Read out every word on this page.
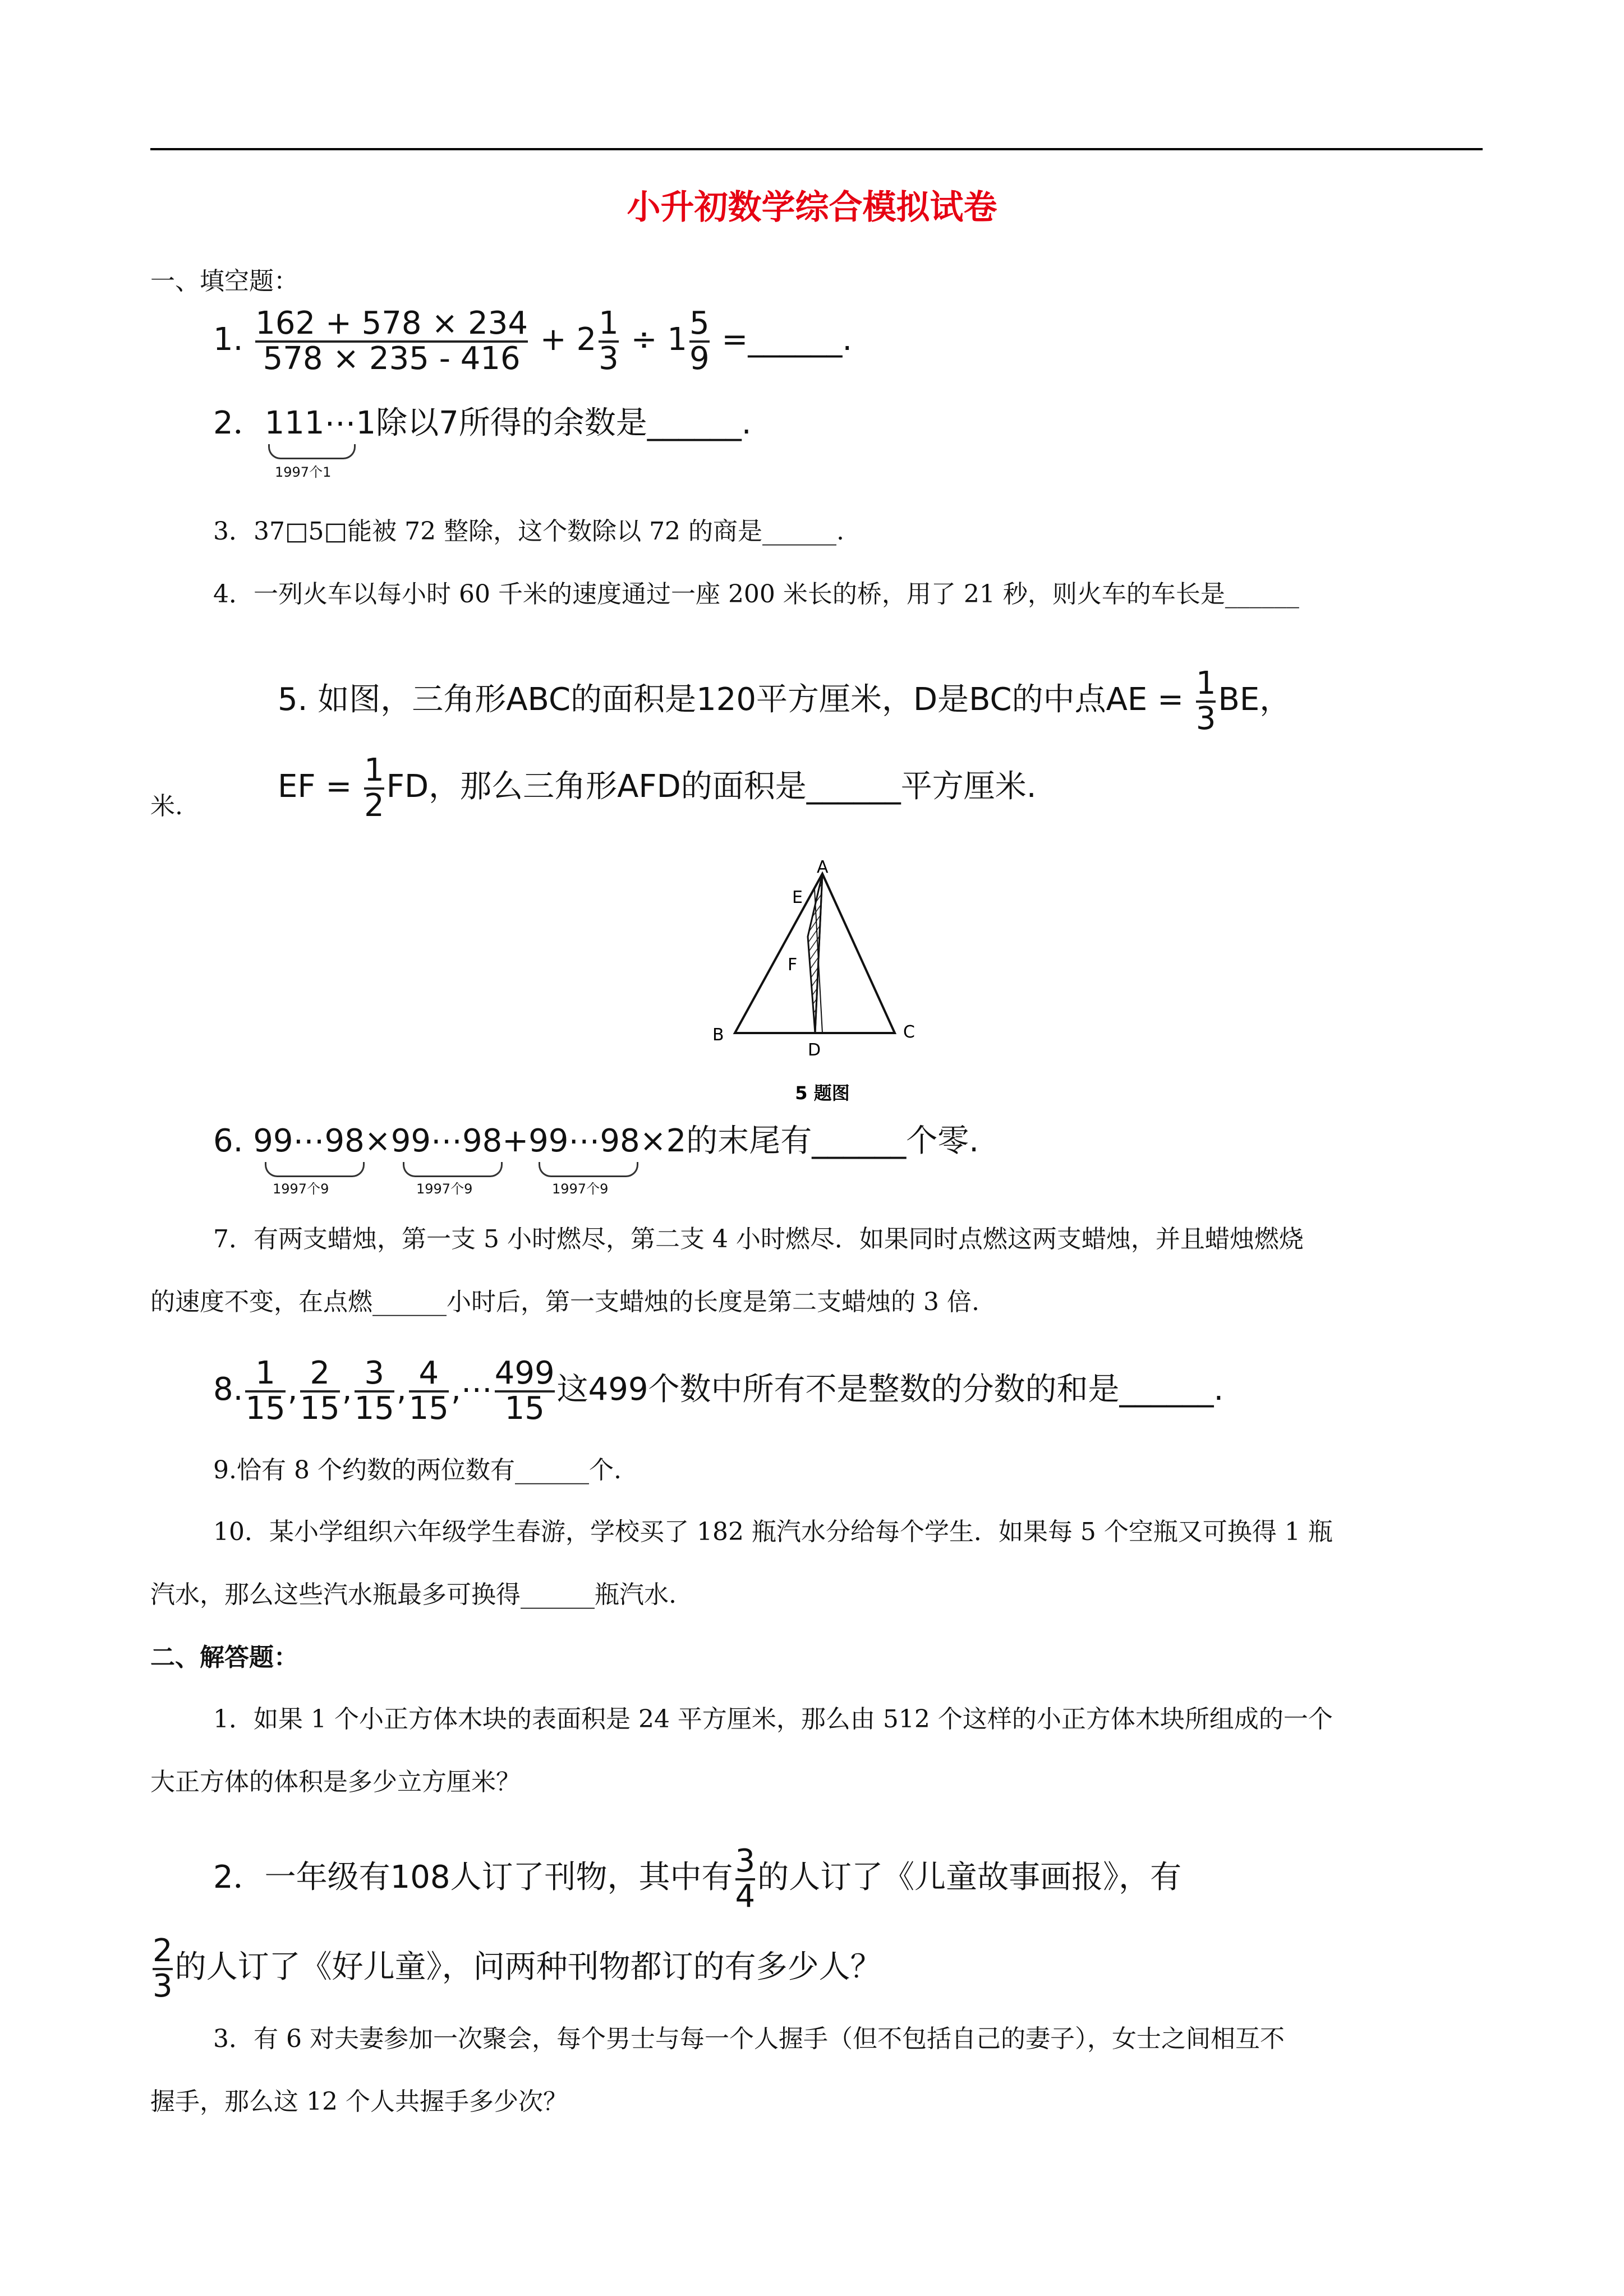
小升初数学综合模拟试卷
一、填空题：
1. $\frac{162 + 578 \times 234}{578 \times 235 - 416} + 2 \frac{1}{3} \div 1 \frac{5}{9}$ =______.
2．111⋯1除以7所得的余数是______.
1997个1
3．37□5□能被 72 整除，这个数除以 72 的商是______.
4．一列火车以每小时 60 千米的速度通过一座 200 米长的桥，用了 21 秒，则火车的车长是______
5. 如图，三角形ABC的面积是120平方厘米，D是BC的中点AE = $\frac{1}{3}$ BE，
EF = $\frac{1}{2}$ FD，那么三角形AFD的面积是______平方厘米.
米.
A
E
F
B
D
C
5 题图
6. 99⋯98×99⋯98+99⋯98×2的末尾有______个零.
1997个9	1997个9	1997个9
7．有两支蜡烛，第一支 5 小时燃尽，第二支 4 小时燃尽．如果同时点燃这两支蜡烛，并且蜡烛燃烧
的速度不变，在点燃______小时后，第一支蜡烛的长度是第二支蜡烛的 3 倍.
8. $\frac{1}{15}$ , $\frac{2}{15}$ , $\frac{3}{15}$ , $\frac{4}{15}$ ,⋯ $\frac{499}{15}$ 这499个数中所有不是整数的分数的和是______.
9.恰有 8 个约数的两位数有______个.
10．某小学组织六年级学生春游，学校买了 182 瓶汽水分给每个学生．如果每 5 个空瓶又可换得 1 瓶
汽水，那么这些汽水瓶最多可换得______瓶汽水.
二、解答题：
1．如果 1 个小正方体木块的表面积是 24 平方厘米，那么由 512 个这样的小正方体木块所组成的一个
大正方体的体积是多少立方厘米？
2．一年级有108人订了刊物，其中有 $\frac{3}{4}$ 的人订了《儿童故事画报》，有
$\frac{2}{3}$ 的人订了《好儿童》，问两种刊物都订的有多少人？
3．有 6 对夫妻参加一次聚会，每个男士与每一个人握手（但不包括自己的妻子），女士之间相互不
握手，那么这 12 个人共握手多少次？
